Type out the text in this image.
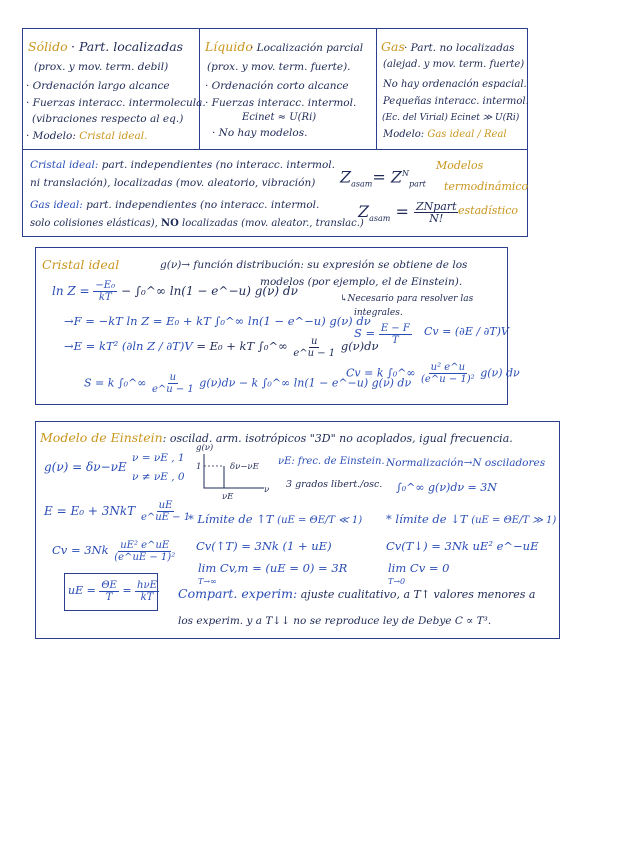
Sólido · Part. localizadas
(prox. y mov. term. debil)
· Ordenación largo alcance
· Fuerzas interacc. intermolecula.
(vibraciones respecto al eq.)
· Modelo: Cristal ideal.
Líquido
· Localización parcial
(prox. y mov. term. fuerte).
· Ordenación corto alcance
· Fuerzas interacc. intermol.
Ecinet ≈ U(Ri)
· No hay modelos.
Gas · Part. no localizadas
(alejad. y mov. term. fuerte)
No hay ordenación espacial.
Pequeñas interacc. intermol.
(Ec. del Virial) Ecinet ≫ U(Ri)
Modelo: Gas ideal / Real
Cristal ideal: part. independientes (no interacc. intermol.
ni translación), localizadas (mov. aleatorio, vibración) $Z_{asam}= Z^N_{part}$
Modelos
termodinámico
Gas ideal: part. independientes (no interacc. intermol.
solo colisiones elásticas), NO localizadas (mov. aleator., translac.)
$Z_{asam} = \frac{\text{ZNpart}}{N!}$ estadístico
Cristal ideal	g(ν)→ función distribución: su expresión se obtiene de los
modelos (por ejemplo, el de Einstein).
↳Necesario para resolver las
integrales.
$\ln Z = \frac{\text{−E₀}}{kT}$ − ∫₀^∞ ln(1 − e^−u) g(ν) dν
→F = −kT ln Z = E₀ + kT ∫₀^∞ ln(1 − e^−u) g(ν) dν
→E = kT² (∂ln Z / ∂T)V = E₀ + kT ∫₀^∞ $\frac{u}{e\^{}u - 1} g(\nu)d\nu$
$S = \frac{E - F}{T}$ Cv = (∂E / ∂T)V
S = k ∫₀^∞ $\frac{u}{e\^{}u - 1} g(\nu)d\nu - k$ ∫₀^∞ ln(1 − e^−u) g(ν) dν
Cv = k ∫₀^∞ $\frac{\text{u² e\textasciicircum{}u}}{\text{(e\textasciicircum{}u − 1)²}} g(\nu)$ dν
Modelo de Einstein: oscilad. arm. isotrópicos "3D" no acoplados, igual frecuencia.
g(ν) = δν−νE
ν = νE , 1
ν ≠ νE , 0
g(ν)
1	δν−νE
ν
νE
νE: frec. de Einstein.
3 grados libert./osc.
Normalización→N osciladores
∫₀^∞ g(ν)dν = 3N
$E = E_0 + 3NkT \frac{uE}{e\^{}uE - 1}$
* Límite de ↑T (uE = ΘE/T ≪ 1) * límite de ↓T (uE = ΘE/T ≫ 1)
$Cv = 3Nk \frac{\text{uE² e\textasciicircum{}uE}}{\text{(e\textasciicircum{}uE − 1)²}}$ Cv(↑T) = 3Nk (1 + uE)	Cv(T↓) = 3Nk uE² e^−uE
lim Cv,m = (uE = 0) = 3R
T→∞
lim Cv = 0
T→0
uE = $\frac{\Theta E}{T} = \frac{\text{hνE}}{kT}$ Compart. experim: ajuste cualitativo, a T↑ valores menores a
los experim. y a T↓↓ no se reproduce ley de Debye C ∝ T³.
